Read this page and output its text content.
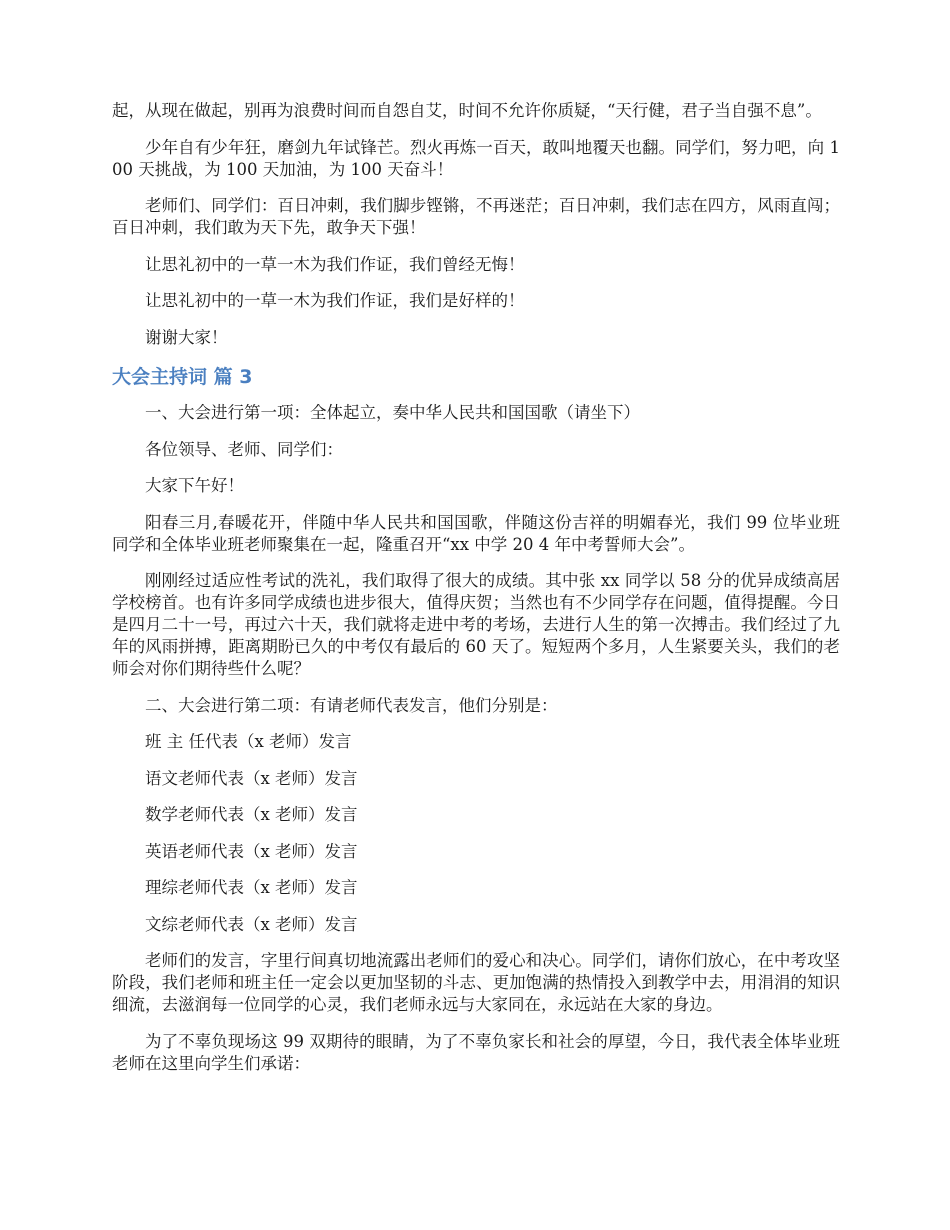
起，从现在做起，别再为浪费时间而自怨自艾，时间不允许你质疑，“天行健，君子当自强不息”。

少年自有少年狂，磨剑九年试锋芒。烈火再炼一百天，敢叫地覆天也翻。同学们，努力吧，向 100 天挑战，为 100 天加油，为 100 天奋斗！

老师们、同学们：百日冲刺，我们脚步铿锵，不再迷茫；百日冲刺，我们志在四方，风雨直闯；百日冲刺，我们敢为天下先，敢争天下强！

让思礼初中的一草一木为我们作证，我们曾经无悔！

让思礼初中的一草一木为我们作证，我们是好样的！

谢谢大家！

大会主持词 篇 3

一、大会进行第一项：全体起立，奏中华人民共和国国歌（请坐下）

各位领导、老师、同学们：

大家下午好！

阳春三月,春暖花开，伴随中华人民共和国国歌，伴随这份吉祥的明媚春光，我们 99 位毕业班同学和全体毕业班老师聚集在一起，隆重召开“xx 中学 20 4 年中考誓师大会”。

刚刚经过适应性考试的洗礼，我们取得了很大的成绩。其中张 xx 同学以 58 分的优异成绩高居学校榜首。也有许多同学成绩也进步很大，值得庆贺；当然也有不少同学存在问题，值得提醒。今日是四月二十一号，再过六十天，我们就将走进中考的考场，去进行人生的第一次搏击。我们经过了九年的风雨拼搏，距离期盼已久的中考仅有最后的 60 天了。短短两个多月，人生紧要关头，我们的老师会对你们期待些什么呢？

二、大会进行第二项：有请老师代表发言，他们分别是：

班 主 任代表（x 老师）发言

语文老师代表（x 老师）发言

数学老师代表（x 老师）发言

英语老师代表（x 老师）发言

理综老师代表（x 老师）发言

文综老师代表（x 老师）发言

老师们的发言，字里行间真切地流露出老师们的爱心和决心。同学们，请你们放心，在中考攻坚阶段，我们老师和班主任一定会以更加坚韧的斗志、更加饱满的热情投入到教学中去，用涓涓的知识细流，去滋润每一位同学的心灵，我们老师永远与大家同在，永远站在大家的身边。

为了不辜负现场这 99 双期待的眼睛，为了不辜负家长和社会的厚望，今日，我代表全体毕业班老师在这里向学生们承诺：
